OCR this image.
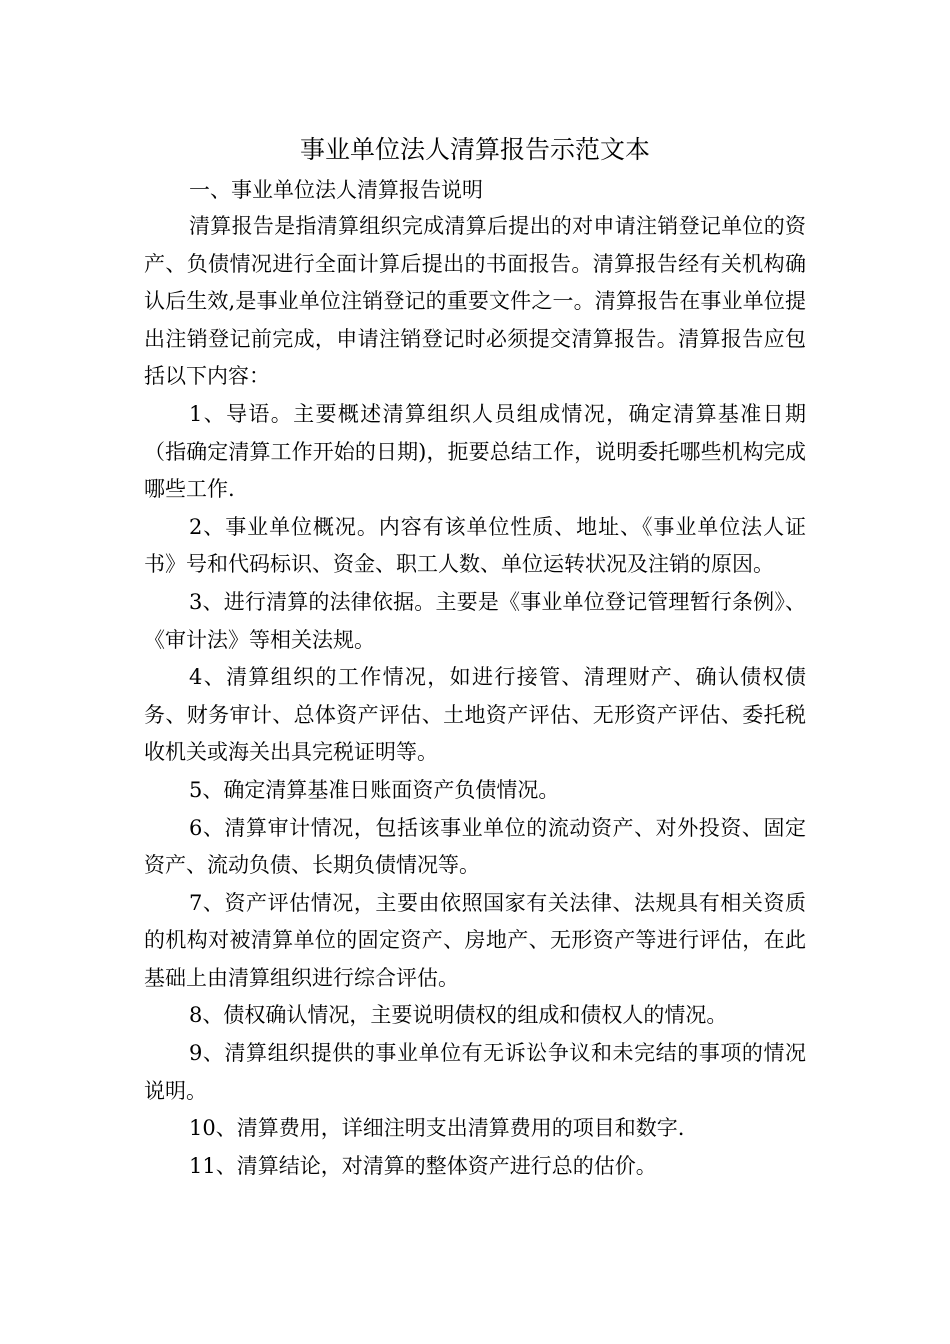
事业单位法人清算报告示范文本

一、事业单位法人清算报告说明

清算报告是指清算组织完成清算后提出的对申请注销登记单位的资产、负债情况进行全面计算后提出的书面报告。清算报告经有关机构确认后生效,是事业单位注销登记的重要文件之一。清算报告在事业单位提出注销登记前完成，申请注销登记时必须提交清算报告。清算报告应包括以下内容：

1、导语。主要概述清算组织人员组成情况，确定清算基准日期（指确定清算工作开始的日期)，扼要总结工作，说明委托哪些机构完成哪些工作.

2、事业单位概况。内容有该单位性质、地址、《事业单位法人证书》号和代码标识、资金、职工人数、单位运转状况及注销的原因。

3、进行清算的法律依据。主要是《事业单位登记管理暂行条例》、《审计法》等相关法规。

4、清算组织的工作情况，如进行接管、清理财产、确认债权债务、财务审计、总体资产评估、土地资产评估、无形资产评估、委托税收机关或海关出具完税证明等。

5、确定清算基准日账面资产负债情况。

6、清算审计情况，包括该事业单位的流动资产、对外投资、固定资产、流动负债、长期负债情况等。

7、资产评估情况，主要由依照国家有关法律、法规具有相关资质的机构对被清算单位的固定资产、房地产、无形资产等进行评估，在此基础上由清算组织进行综合评估。

8、债权确认情况，主要说明债权的组成和债权人的情况。

9、清算组织提供的事业单位有无诉讼争议和未完结的事项的情况说明。

10、清算费用，详细注明支出清算费用的项目和数字.

11、清算结论，对清算的整体资产进行总的估价。
